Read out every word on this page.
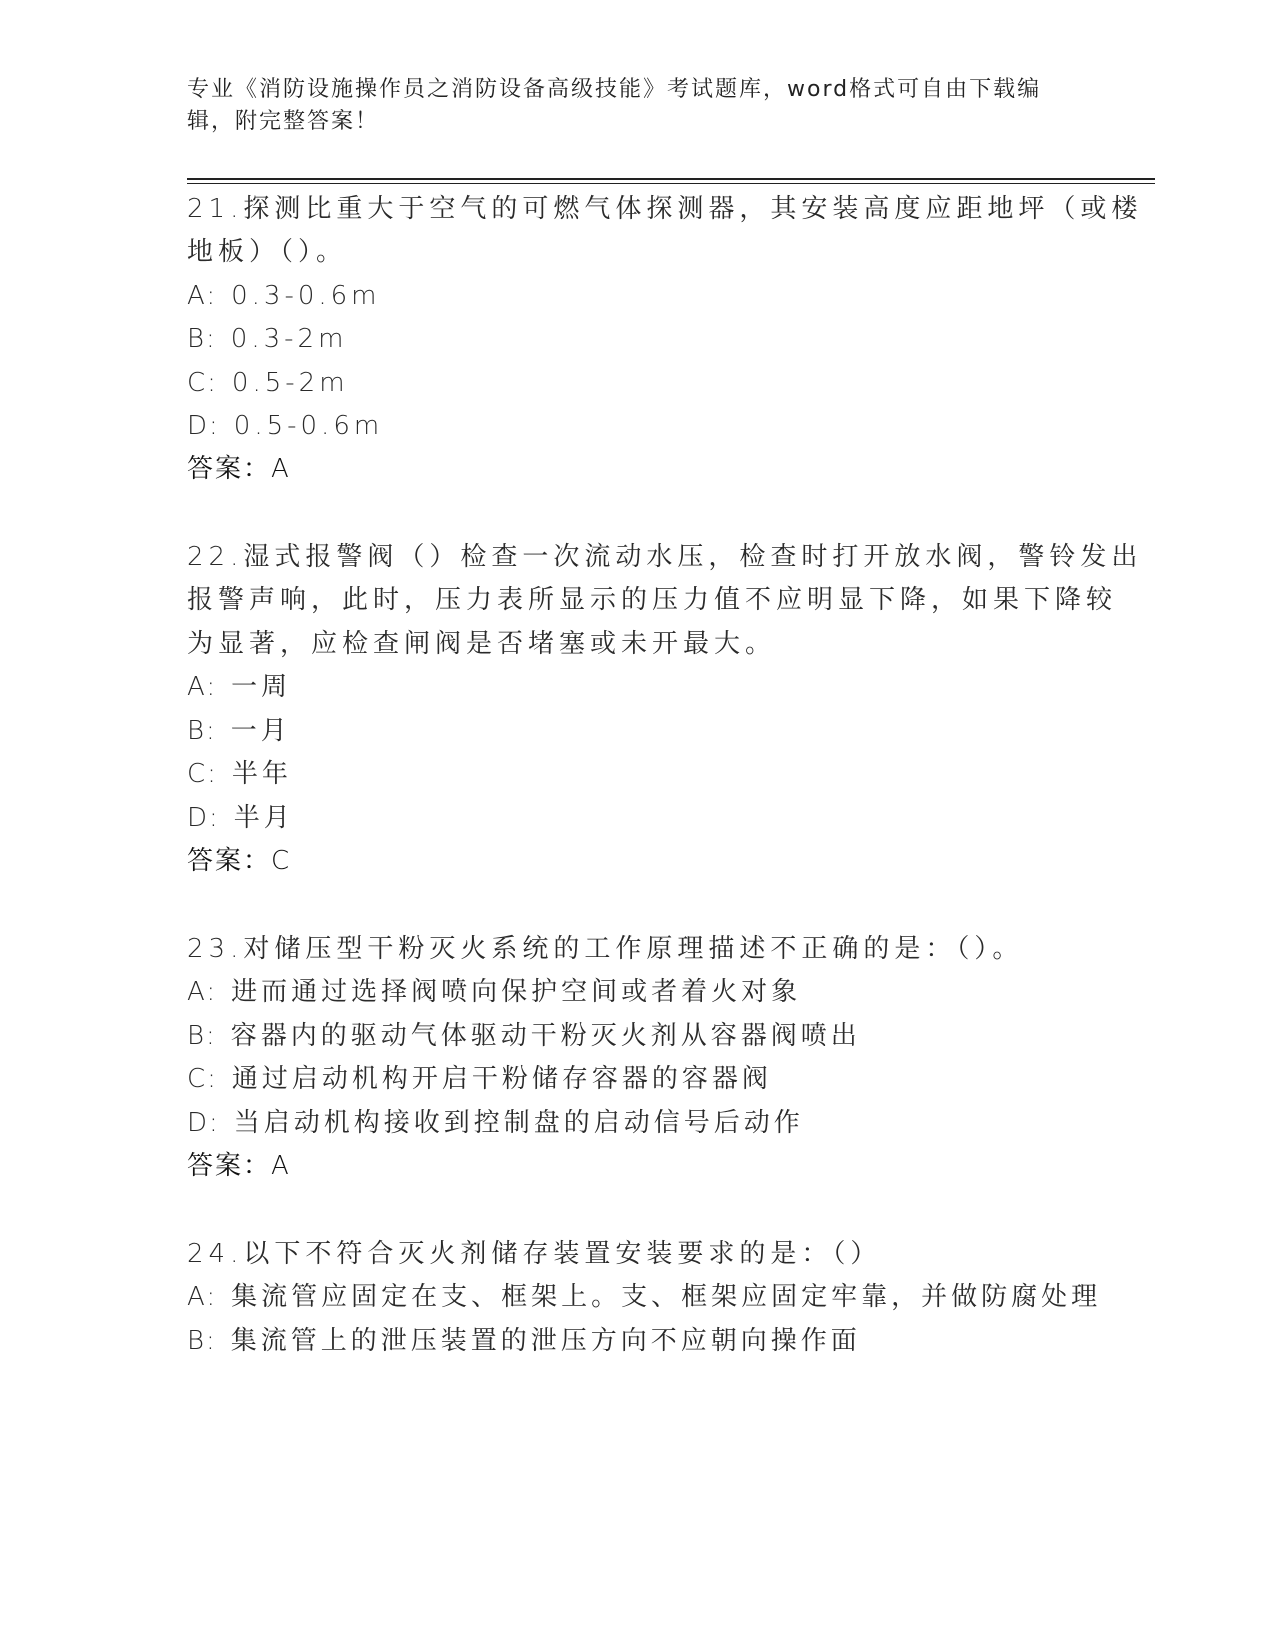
专业《消防设施操作员之消防设备高级技能》考试题库，word格式可自由下载编辑，附完整答案！
21.探测比重大于空气的可燃气体探测器，其安装高度应距地坪（或楼
地板）（）。
A: 0.3-0.6m
B: 0.3-2m
C: 0.5-2m
D: 0.5-0.6m
答案：A
22.湿式报警阀（）检查一次流动水压，检查时打开放水阀，警铃发出
报警声响，此时，压力表所显示的压力值不应明显下降，如果下降较
为显著，应检查闸阀是否堵塞或未开最大。
A: 一周
B: 一月
C: 半年
D: 半月
答案：C
23.对储压型干粉灭火系统的工作原理描述不正确的是：（）。
A: 进而通过选择阀喷向保护空间或者着火对象
B: 容器内的驱动气体驱动干粉灭火剂从容器阀喷出
C: 通过启动机构开启干粉储存容器的容器阀
D: 当启动机构接收到控制盘的启动信号后动作
答案：A
24.以下不符合灭火剂储存装置安装要求的是：（）
A: 集流管应固定在支、框架上。支、框架应固定牢靠，并做防腐处理
B: 集流管上的泄压装置的泄压方向不应朝向操作面
